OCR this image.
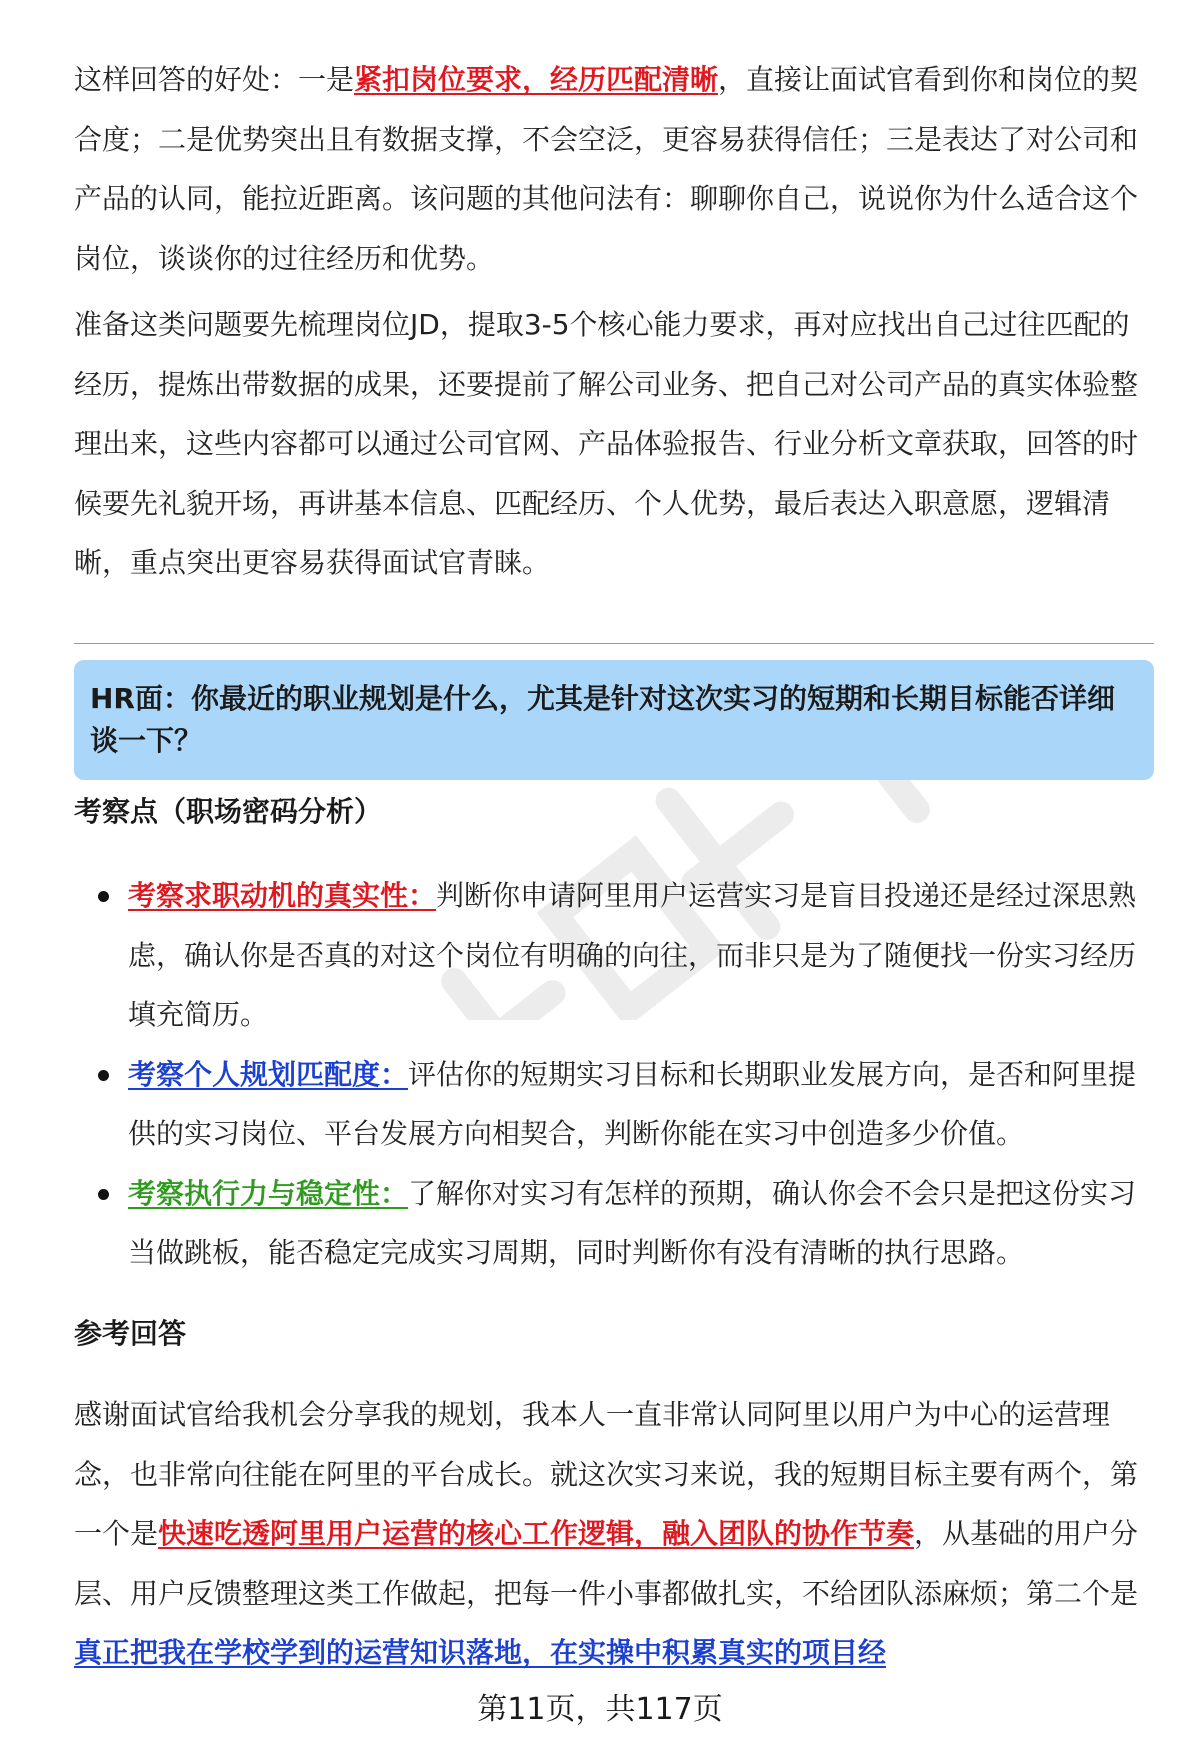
这样回答的好处：一是紧扣岗位要求，经历匹配清晰，直接让面试官看到你和岗位的契合度；二是优势突出且有数据支撑，不会空泛，更容易获得信任；三是表达了对公司和产品的认同，能拉近距离。该问题的其他问法有：聊聊你自己，说说你为什么适合这个岗位，谈谈你的过往经历和优势。

准备这类问题要先梳理岗位JD，提取3-5个核心能力要求，再对应找出自己过往匹配的经历，提炼出带数据的成果，还要提前了解公司业务、把自己对公司产品的真实体验整理出来，这些内容都可以通过公司官网、产品体验报告、行业分析文章获取，回答的时候要先礼貌开场，再讲基本信息、匹配经历、个人优势，最后表达入职意愿，逻辑清晰，重点突出更容易获得面试官青睐。

HR面：你最近的职业规划是什么，尤其是针对这次实习的短期和长期目标能否详细谈一下？

考察点（职场密码分析）

考察求职动机的真实性：判断你申请阿里用户运营实习是盲目投递还是经过深思熟虑，确认你是否真的对这个岗位有明确的向往，而非只是为了随便找一份实习经历填充简历。
考察个人规划匹配度：评估你的短期实习目标和长期职业发展方向，是否和阿里提供的实习岗位、平台发展方向相契合，判断你能在实习中创造多少价值。
考察执行力与稳定性：了解你对实习有怎样的预期，确认你会不会只是把这份实习当做跳板，能否稳定完成实习周期，同时判断你有没有清晰的执行思路。

参考回答

感谢面试官给我机会分享我的规划，我本人一直非常认同阿里以用户为中心的运营理念，也非常向往能在阿里的平台成长。就这次实习来说，我的短期目标主要有两个，第一个是快速吃透阿里用户运营的核心工作逻辑，融入团队的协作节奏，从基础的用户分层、用户反馈整理这类工作做起，把每一件小事都做扎实，不给团队添麻烦；第二个是真正把我在学校学到的运营知识落地，在实操中积累真实的项目经

第11页，共117页
